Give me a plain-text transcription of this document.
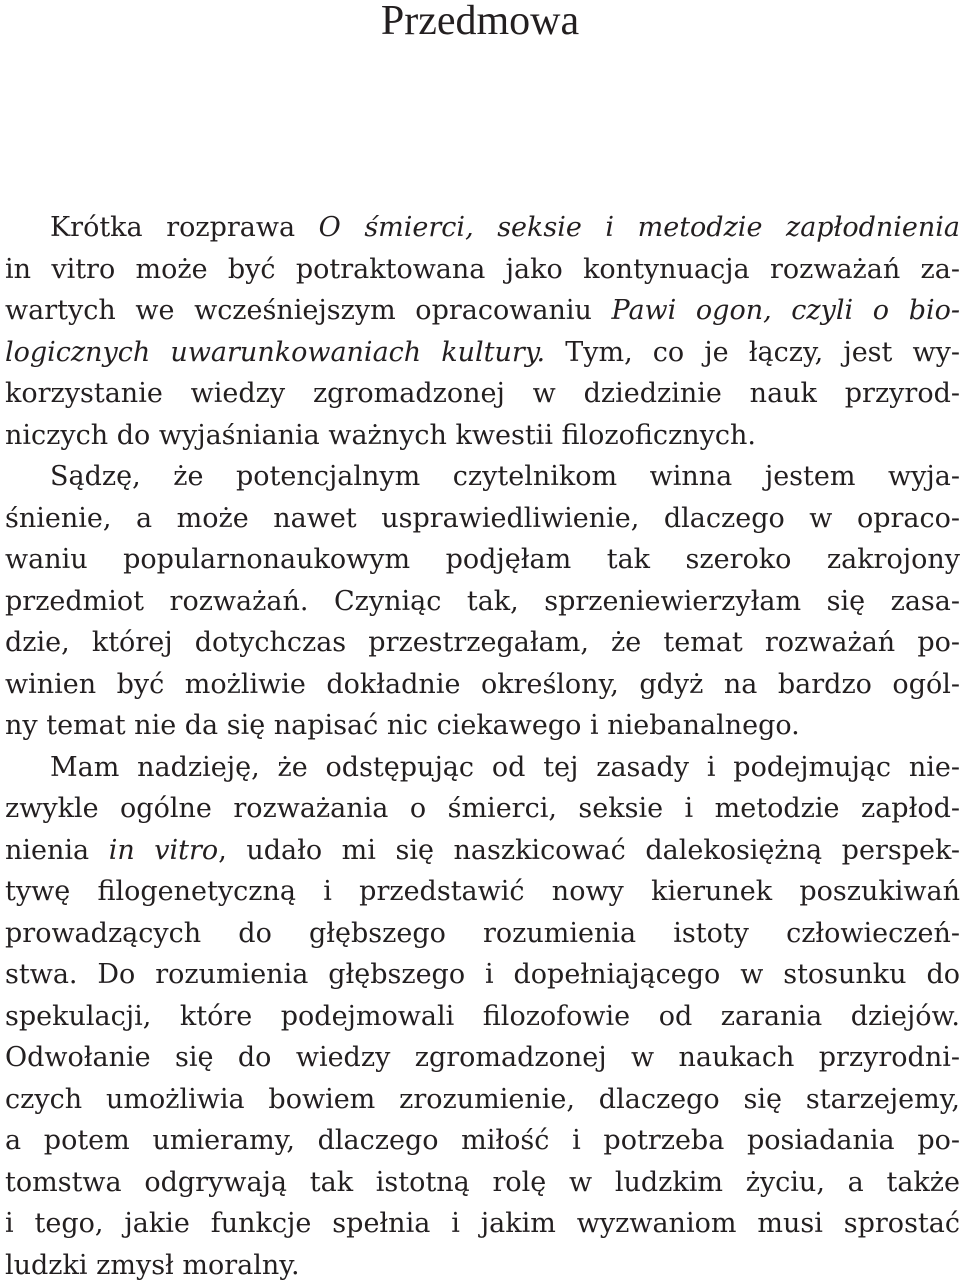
Przedmowa
Krótka rozprawa O śmierci, seksie i metodzie zapłodnienia
in vitro może być potraktowana jako kontynuacja rozważań za-
wartych we wcześniejszym opracowaniu Pawi ogon, czyli o bio-
logicznych uwarunkowaniach kultury. Tym, co je łączy, jest wy-
korzystanie wiedzy zgromadzonej w dziedzinie nauk przyrod-
niczych do wyjaśniania ważnych kwestii filozoficznych.
Sądzę, że potencjalnym czytelnikom winna jestem wyja-
śnienie, a może nawet usprawiedliwienie, dlaczego w opraco-
waniu popularnonaukowym podjęłam tak szeroko zakrojony
przedmiot rozważań. Czyniąc tak, sprzeniewierzyłam się zasa-
dzie, której dotychczas przestrzegałam, że temat rozważań po-
winien być możliwie dokładnie określony, gdyż na bardzo ogól-
ny temat nie da się napisać nic ciekawego i niebanalnego.
Mam nadzieję, że odstępując od tej zasady i podejmując nie-
zwykle ogólne rozważania o śmierci, seksie i metodzie zapłod-
nienia in vitro, udało mi się naszkicować dalekosiężną perspek-
tywę filogenetyczną i przedstawić nowy kierunek poszukiwań
prowadzących do głębszego rozumienia istoty człowieczeń-
stwa. Do rozumienia głębszego i dopełniającego w stosunku do
spekulacji, które podejmowali filozofowie od zarania dziejów.
Odwołanie się do wiedzy zgromadzonej w naukach przyrodni-
czych umożliwia bowiem zrozumienie, dlaczego się starzejemy,
a potem umieramy, dlaczego miłość i potrzeba posiadania po-
tomstwa odgrywają tak istotną rolę w ludzkim życiu, a także
i tego, jakie funkcje spełnia i jakim wyzwaniom musi sprostać
ludzki zmysł moralny.
